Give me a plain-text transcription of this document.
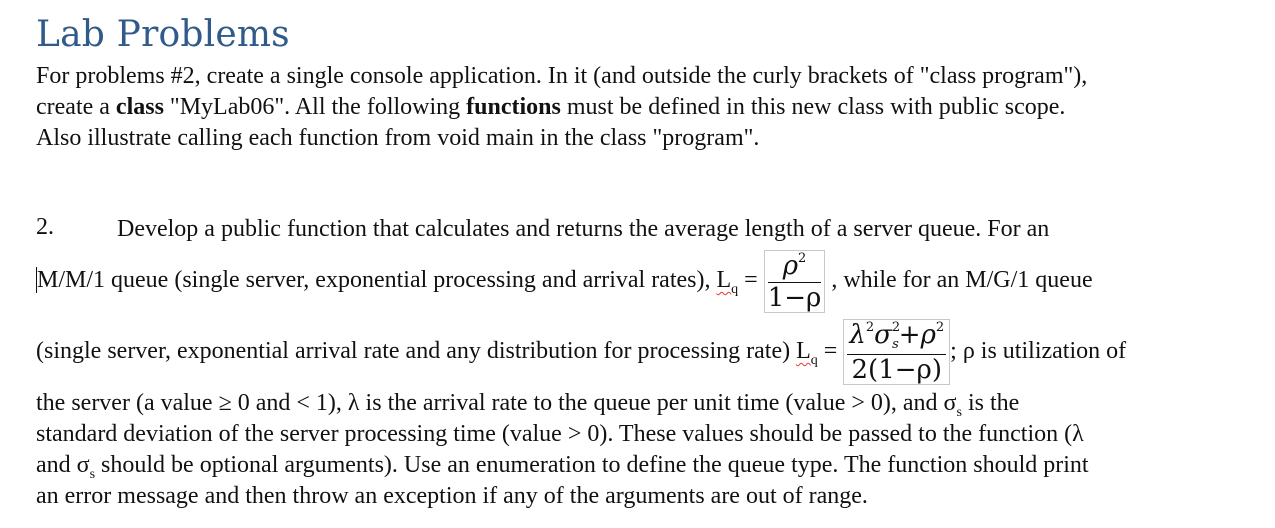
Lab Problems
For problems #2, create a single console application. In it (and outside the curly brackets of "class program"),
create a class "MyLab06". All the following functions must be defined in this new class with public scope.
Also illustrate calling each function from void main in the class "program".
2.	Develop a public function that calculates and returns the average length of a server queue. For an
M/M/1 queue (single server, exponential processing and arrival rates), $L_q = \frac{\rho^2}{1-\rho}$ , while for an M/G/1 queue
(single server, exponential arrival rate and any distribution for processing rate) $L_q = \frac{\lambda^2\sigma^2_s+\rho^2}{2(1-\rho)}$ ; ρ is utilization of
the server (a value ≥ 0 and < 1), λ is the arrival rate to the queue per unit time (value > 0), and $\sigma_s$ is the
standard deviation of the server processing time (value > 0). These values should be passed to the function (λ
and $\sigma_s$ should be optional arguments). Use an enumeration to define the queue type. The function should print
an error message and then throw an exception if any of the arguments are out of range.
